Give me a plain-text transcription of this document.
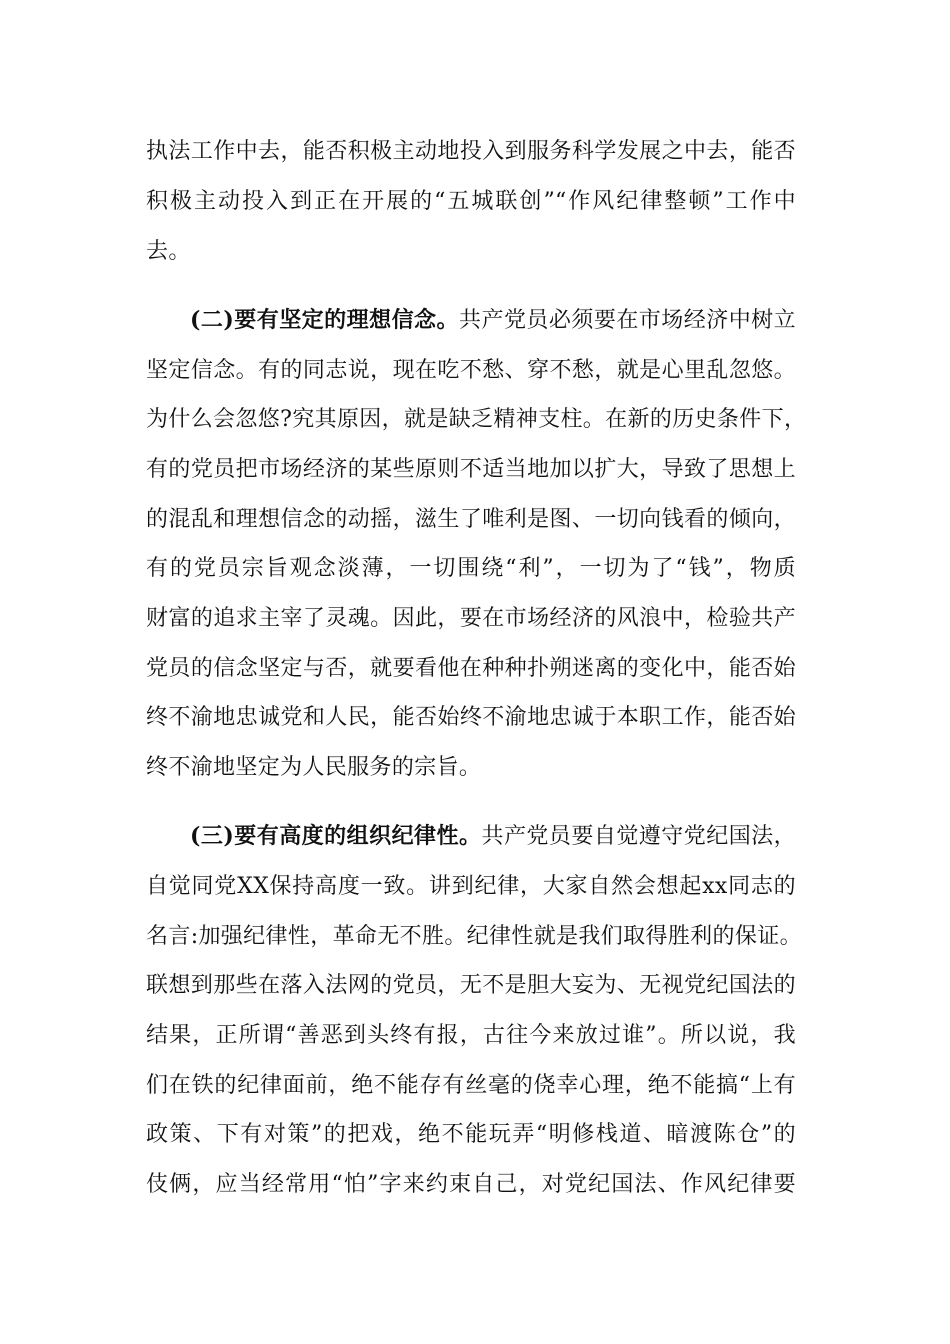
执法工作中去，能否积极主动地投入到服务科学发展之中去，能否
积极主动投入到正在开展的“五城联创”“作风纪律整顿”工作中
去。
(二)要有坚定的理想信念。共产党员必须要在市场经济中树立
坚定信念。有的同志说，现在吃不愁、穿不愁，就是心里乱忽悠。
为什么会忽悠?究其原因，就是缺乏精神支柱。在新的历史条件下，
有的党员把市场经济的某些原则不适当地加以扩大，导致了思想上
的混乱和理想信念的动摇，滋生了唯利是图、一切向钱看的倾向，
有的党员宗旨观念淡薄，一切围绕“利”，一切为了“钱”，物质
财富的追求主宰了灵魂。因此，要在市场经济的风浪中，检验共产
党员的信念坚定与否，就要看他在种种扑朔迷离的变化中，能否始
终不渝地忠诚党和人民，能否始终不渝地忠诚于本职工作，能否始
终不渝地坚定为人民服务的宗旨。
(三)要有高度的组织纪律性。共产党员要自觉遵守党纪国法，
自觉同党XX保持高度一致。讲到纪律，大家自然会想起xx同志的
名言:加强纪律性，革命无不胜。纪律性就是我们取得胜利的保证。
联想到那些在落入法网的党员，无不是胆大妄为、无视党纪国法的
结果，正所谓“善恶到头终有报，古往今来放过谁”。所以说，我
们在铁的纪律面前，绝不能存有丝毫的侥幸心理，绝不能搞“上有
政策、下有对策”的把戏，绝不能玩弄“明修栈道、暗渡陈仓”的
伎俩，应当经常用“怕”字来约束自己，对党纪国法、作风纪律要
